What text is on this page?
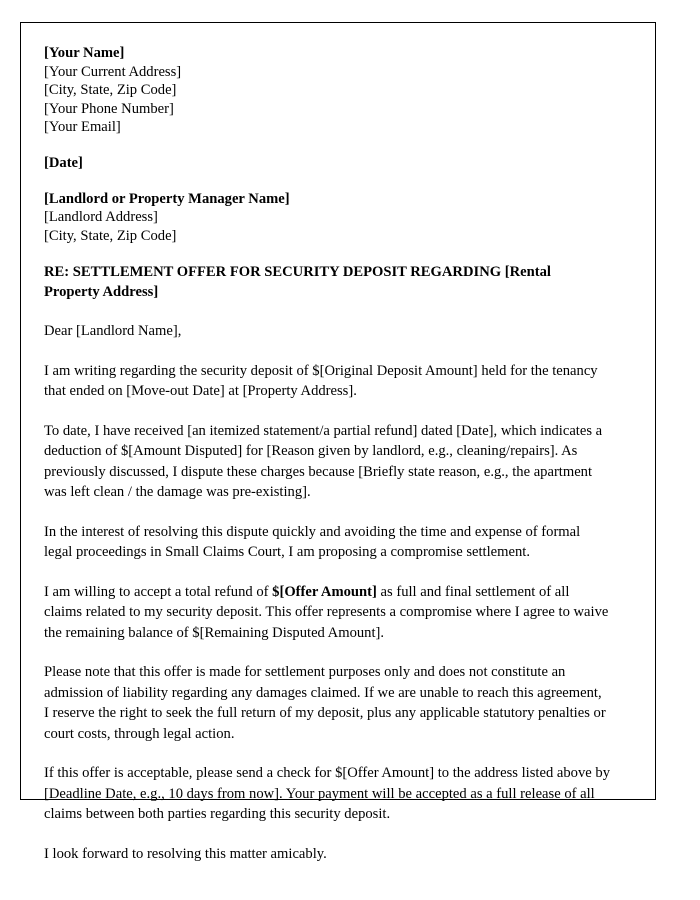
[Your Name]
[Your Current Address]
[City, State, Zip Code]
[Your Phone Number]
[Your Email]
[Date]
[Landlord or Property Manager Name]
[Landlord Address]
[City, State, Zip Code]
RE: SETTLEMENT OFFER FOR SECURITY DEPOSIT REGARDING [Rental Property Address]
Dear [Landlord Name],

I am writing regarding the security deposit of $[Original Deposit Amount] held for the tenancy that ended on [Move-out Date] at [Property Address].

To date, I have received [an itemized statement/a partial refund] dated [Date], which indicates a deduction of $[Amount Disputed] for [Reason given by landlord, e.g., cleaning/repairs]. As previously discussed, I dispute these charges because [Briefly state reason, e.g., the apartment was left clean / the damage was pre-existing].

In the interest of resolving this dispute quickly and avoiding the time and expense of formal legal proceedings in Small Claims Court, I am proposing a compromise settlement.

I am willing to accept a total refund of $[Offer Amount] as full and final settlement of all claims related to my security deposit. This offer represents a compromise where I agree to waive the remaining balance of $[Remaining Disputed Amount].

Please note that this offer is made for settlement purposes only and does not constitute an admission of liability regarding any damages claimed. If we are unable to reach this agreement, I reserve the right to seek the full return of my deposit, plus any applicable statutory penalties or court costs, through legal action.

If this offer is acceptable, please send a check for $[Offer Amount] to the address listed above by [Deadline Date, e.g., 10 days from now]. Your payment will be accepted as a full release of all claims between both parties regarding this security deposit.

I look forward to resolving this matter amicably.
